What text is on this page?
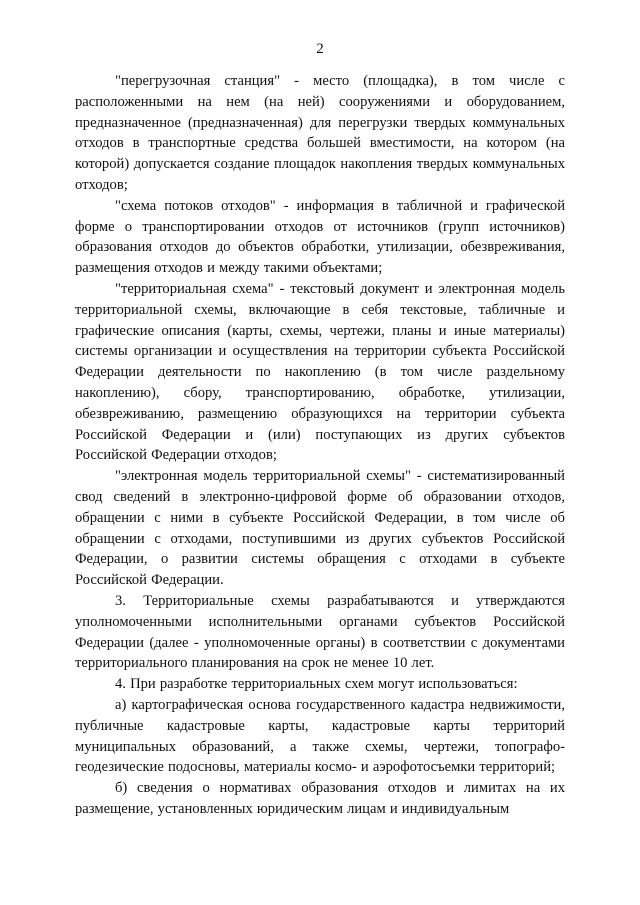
2

"перегрузочная станция" - место (площадка), в том числе с расположенными на нем (на ней) сооружениями и оборудованием, предназначенное (предназначенная) для перегрузки твердых коммунальных отходов в транспортные средства большей вместимости, на котором (на которой) допускается создание площадок накопления твердых коммунальных отходов;

"схема потоков отходов" - информация в табличной и графической форме о транспортировании отходов от источников (групп источников) образования отходов до объектов обработки, утилизации, обезвреживания, размещения отходов и между такими объектами;

"территориальная схема" - текстовый документ и электронная модель территориальной схемы, включающие в себя текстовые, табличные и графические описания (карты, схемы, чертежи, планы и иные материалы) системы организации и осуществления на территории субъекта Российской Федерации деятельности по накоплению (в том числе раздельному накоплению), сбору, транспортированию, обработке, утилизации, обезвреживанию, размещению образующихся на территории субъекта Российской Федерации и (или) поступающих из других субъектов Российской Федерации отходов;

"электронная модель территориальной схемы" - систематизированный свод сведений в электронно-цифровой форме об образовании отходов, обращении с ними в субъекте Российской Федерации, в том числе об обращении с отходами, поступившими из других субъектов Российской Федерации, о развитии системы обращения с отходами в субъекте Российской Федерации.

3. Территориальные схемы разрабатываются и утверждаются уполномоченными исполнительными органами субъектов Российской Федерации (далее - уполномоченные органы) в соответствии с документами территориального планирования на срок не менее 10 лет.

4. При разработке территориальных схем могут использоваться:

а) картографическая основа государственного кадастра недвижимости, публичные кадастровые карты, кадастровые карты территорий муниципальных образований, а также схемы, чертежи, топографо-геодезические подосновы, материалы космо- и аэрофотосъемки территорий;

б) сведения о нормативах образования отходов и лимитах на их размещение, установленных юридическим лицам и индивидуальным
